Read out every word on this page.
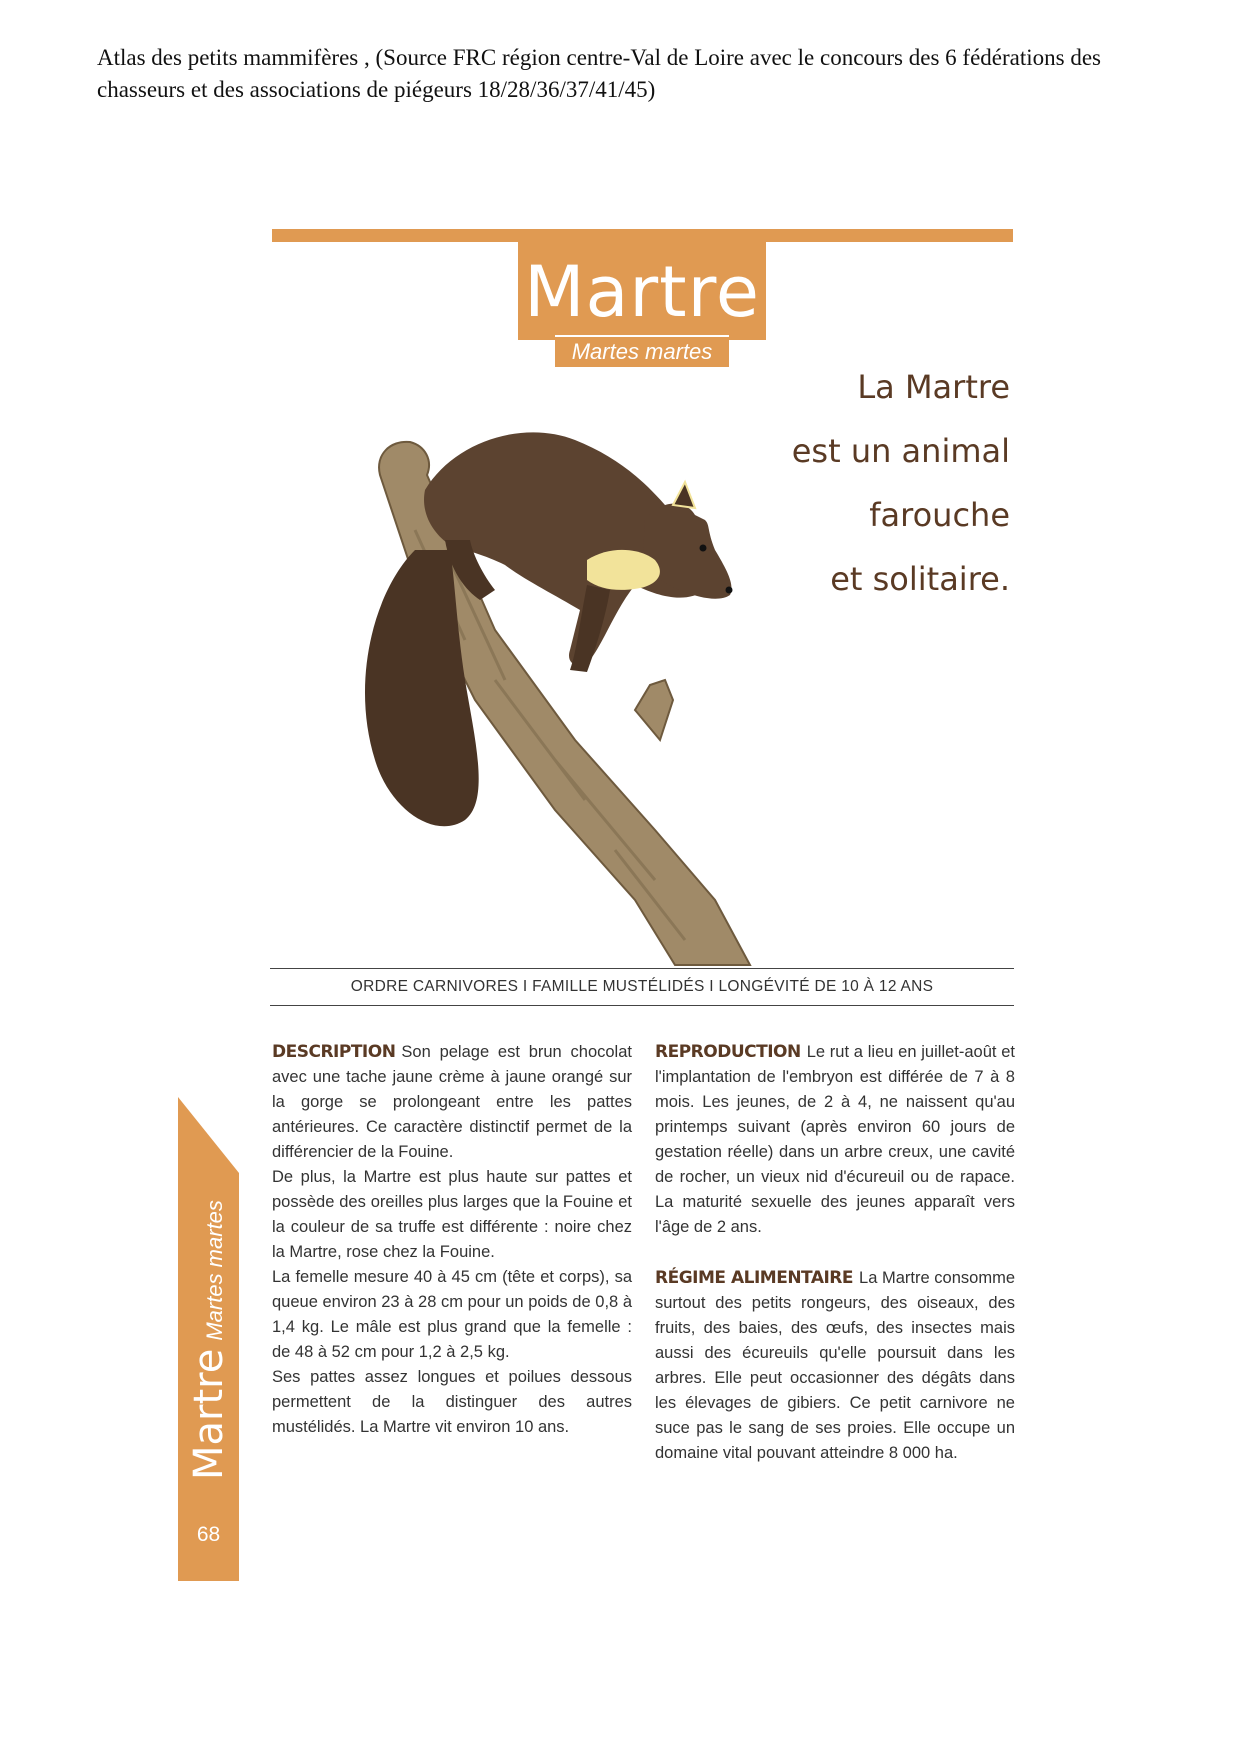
Atlas des petits mammifères , (Source FRC région centre-Val de Loire avec le concours des 6 fédérations des chasseurs et des associations de piégeurs 18/28/36/37/41/45)
Martre
Martes martes
La Martre
est un animal
farouche
et solitaire.
ORDRE CARNIVORES I FAMILLE MUSTÉLIDÉS I LONGÉVITÉ DE 10 À 12 ANS

DESCRIPTION Son pelage est brun chocolat avec une tache jaune crème à jaune orangé sur la gorge se prolongeant entre les pattes antérieures. Ce caractère distinctif permet de la différencier de la Fouine.

De plus, la Martre est plus haute sur pattes et possède des oreilles plus larges que la Fouine et la couleur de sa truffe est différente : noire chez la Martre, rose chez la Fouine.

La femelle mesure 40 à 45 cm (tête et corps), sa queue environ 23 à 28 cm pour un poids de 0,8 à 1,4 kg. Le mâle est plus grand que la femelle : de 48 à 52 cm pour 1,2 à 2,5 kg.

Ses pattes assez longues et poilues dessous permettent de la distinguer des autres mustélidés. La Martre vit environ 10 ans.

REPRODUCTION Le rut a lieu en juillet-août et l'implantation de l'embryon est différée de 7 à 8 mois. Les jeunes, de 2 à 4, ne naissent qu'au printemps suivant (après environ 60 jours de gestation réelle) dans un arbre creux, une cavité de rocher, un vieux nid d'écureuil ou de rapace. La maturité sexuelle des jeunes apparaît vers l'âge de 2 ans.

RÉGIME ALIMENTAIRE La Martre consomme surtout des petits rongeurs, des oiseaux, des fruits, des baies, des œufs, des insectes mais aussi des écureuils qu'elle poursuit dans les arbres. Elle peut occasionner des dégâts dans les élevages de gibiers. Ce petit carnivore ne suce pas le sang de ses proies. Elle occupe un domaine vital pouvant atteindre 8 000 ha.

MartreMartes martes
68
